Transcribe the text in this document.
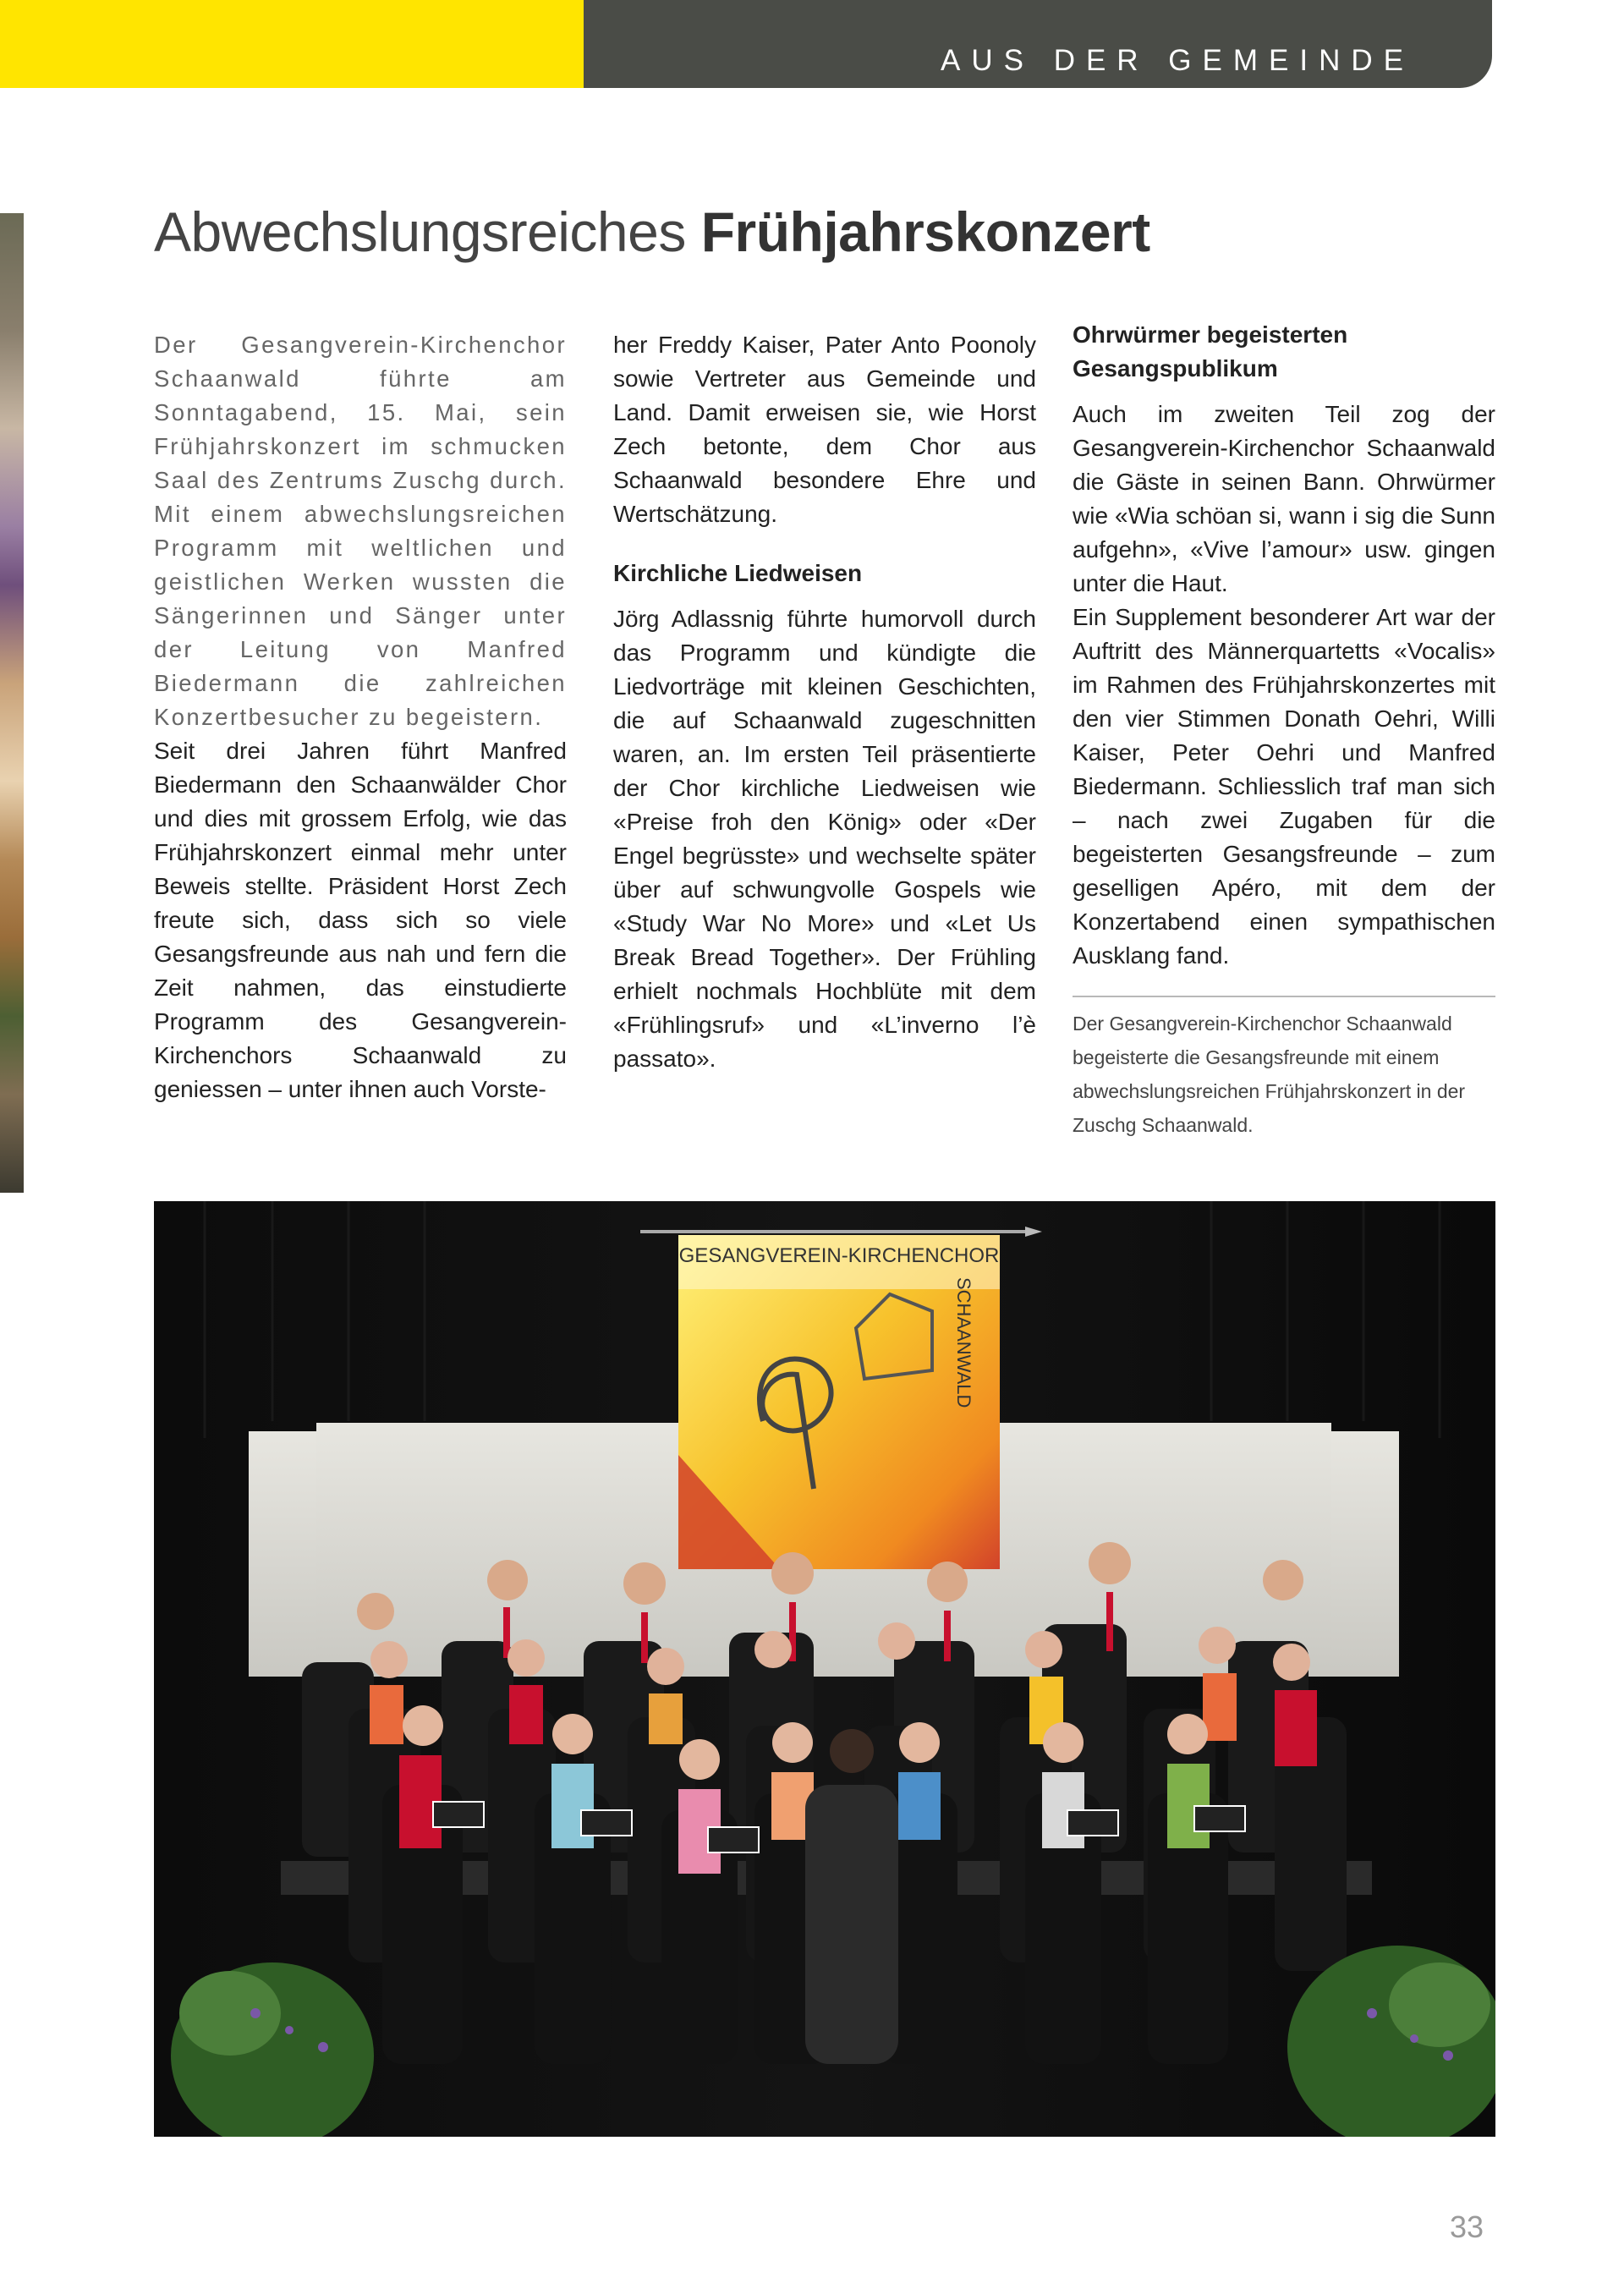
AUS DER GEMEINDE
Abwechslungsreiches Frühjahrskonzert

Der Gesangverein-Kirchenchor Schaanwald führte am Sonntagabend, 15. Mai, sein Frühjahrskonzert im schmucken Saal des Zentrums Zuschg durch. Mit einem abwechslungsreichen Programm mit weltlichen und geistlichen Werken wussten die Sängerinnen und Sänger unter der Leitung von Manfred Biedermann die zahlreichen Konzertbesucher zu begeistern.

Seit drei Jahren führt Manfred Biedermann den Schaanwälder Chor und dies mit grossem Erfolg, wie das Frühjahrskonzert einmal mehr unter Beweis stellte. Präsident Horst Zech freute sich, dass sich so viele Gesangsfreunde aus nah und fern die Zeit nahmen, das einstudierte Programm des Gesangverein-Kirchenchors Schaanwald zu geniessen – unter ihnen auch Vorste-

her Freddy Kaiser, Pater Anto Poonoly sowie Vertreter aus Gemeinde und Land. Damit erweisen sie, wie Horst Zech betonte, dem Chor aus Schaanwald besondere Ehre und Wertschätzung.

Kirchliche Liedweisen

Jörg Adlassnig führte humorvoll durch das Programm und kündigte die Liedvorträge mit kleinen Geschichten, die auf Schaanwald zugeschnitten waren, an. Im ersten Teil präsentierte der Chor kirchliche Liedweisen wie «Preise froh den König» oder «Der Engel begrüsste» und wechselte später über auf schwungvolle Gospels wie «Study War No More» und «Let Us Break Bread Together». Der Frühling erhielt nochmals Hochblüte mit dem «Frühlingsruf» und «L’inverno l’è passato».

Ohrwürmer begeisterten Gesangspublikum

Auch im zweiten Teil zog der Gesangverein-Kirchenchor Schaanwald die Gäste in seinen Bann. Ohrwürmer wie «Wia schöan si, wann i sig die Sunn aufgehn», «Vive l’amour» usw. gingen unter die Haut.

Ein Supplement besonderer Art war der Auftritt des Männerquartetts «Vocalis» im Rahmen des Frühjahrskonzertes mit den vier Stimmen Donath Oehri, Willi Kaiser, Peter Oehri und Manfred Biedermann. Schliesslich traf man sich – nach zwei Zugaben für die begeisterten Gesangsfreunde – zum geselligen Apéro, mit dem der Konzertabend einen sympathischen Ausklang fand.

Der Gesangverein-Kirchenchor Schaanwald begeisterte die Gesangsfreunde mit einem abwechslungsreichen Frühjahrskonzert in der Zuschg Schaanwald.
GESANGVEREIN-KIRCHENCHOR
SCHAANWALD
33
